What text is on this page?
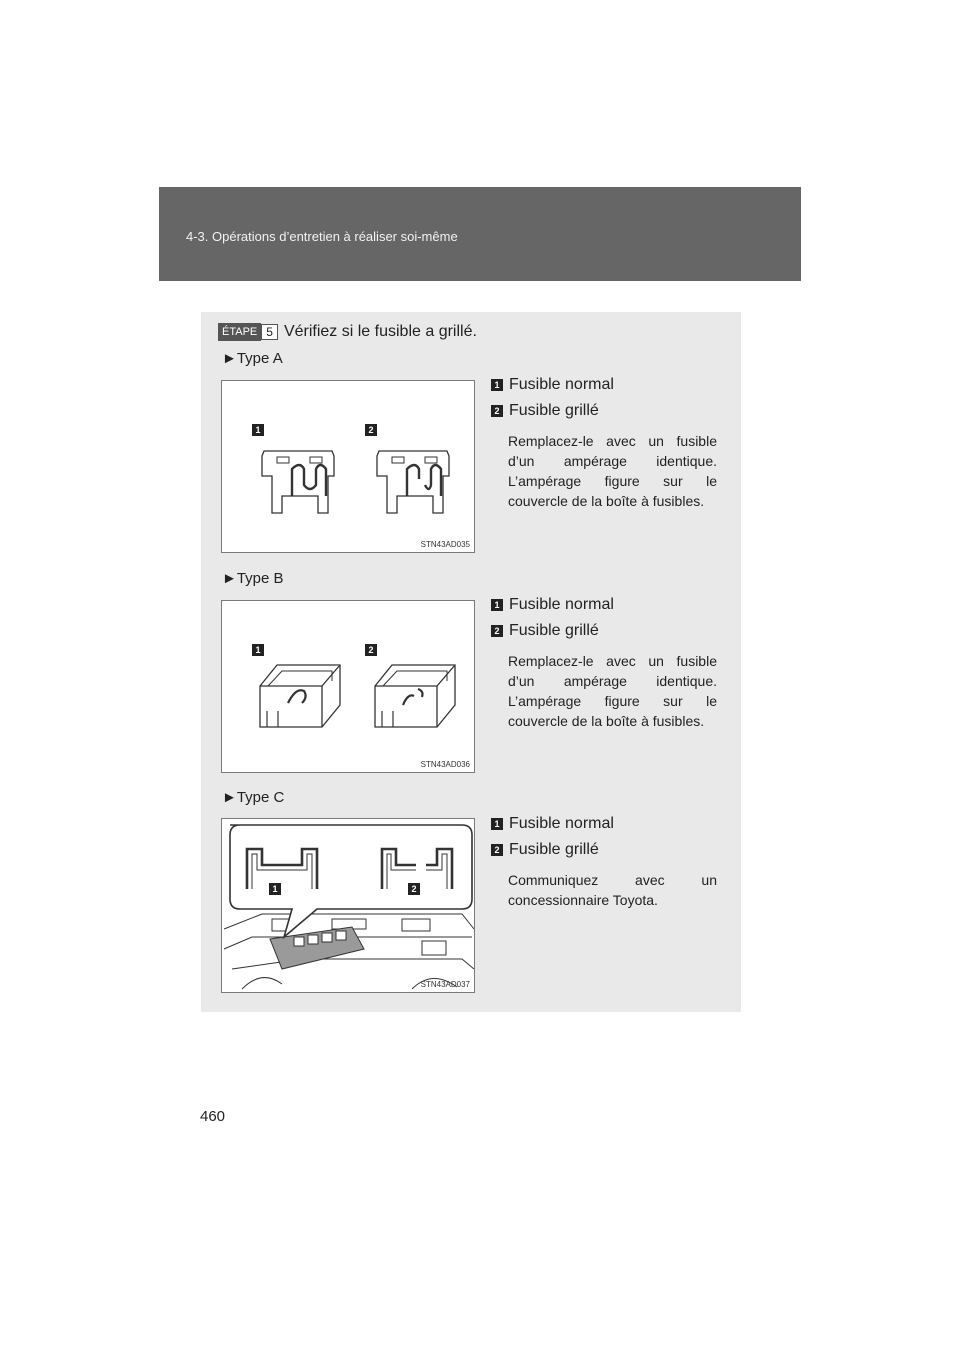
4-3. Opérations d’entretien à réaliser soi-même
ÉTAPE 5 Vérifiez si le fusible a grillé.
►Type A
1	2
STN43AD035
1 Fusible normal
2 Fusible grillé
Remplacez-le avec un fusible d’un ampérage identique. L’ampérage figure sur le couvercle de la boîte à fusibles.
►Type B
1	2
STN43AD036
1 Fusible normal
2 Fusible grillé
Remplacez-le avec un fusible d’un ampérage identique. L’ampérage figure sur le couvercle de la boîte à fusibles.
►Type C
1	2
STN43AD037
1 Fusible normal
2 Fusible grillé
Communiquez avec un concessionnaire Toyota.
460
